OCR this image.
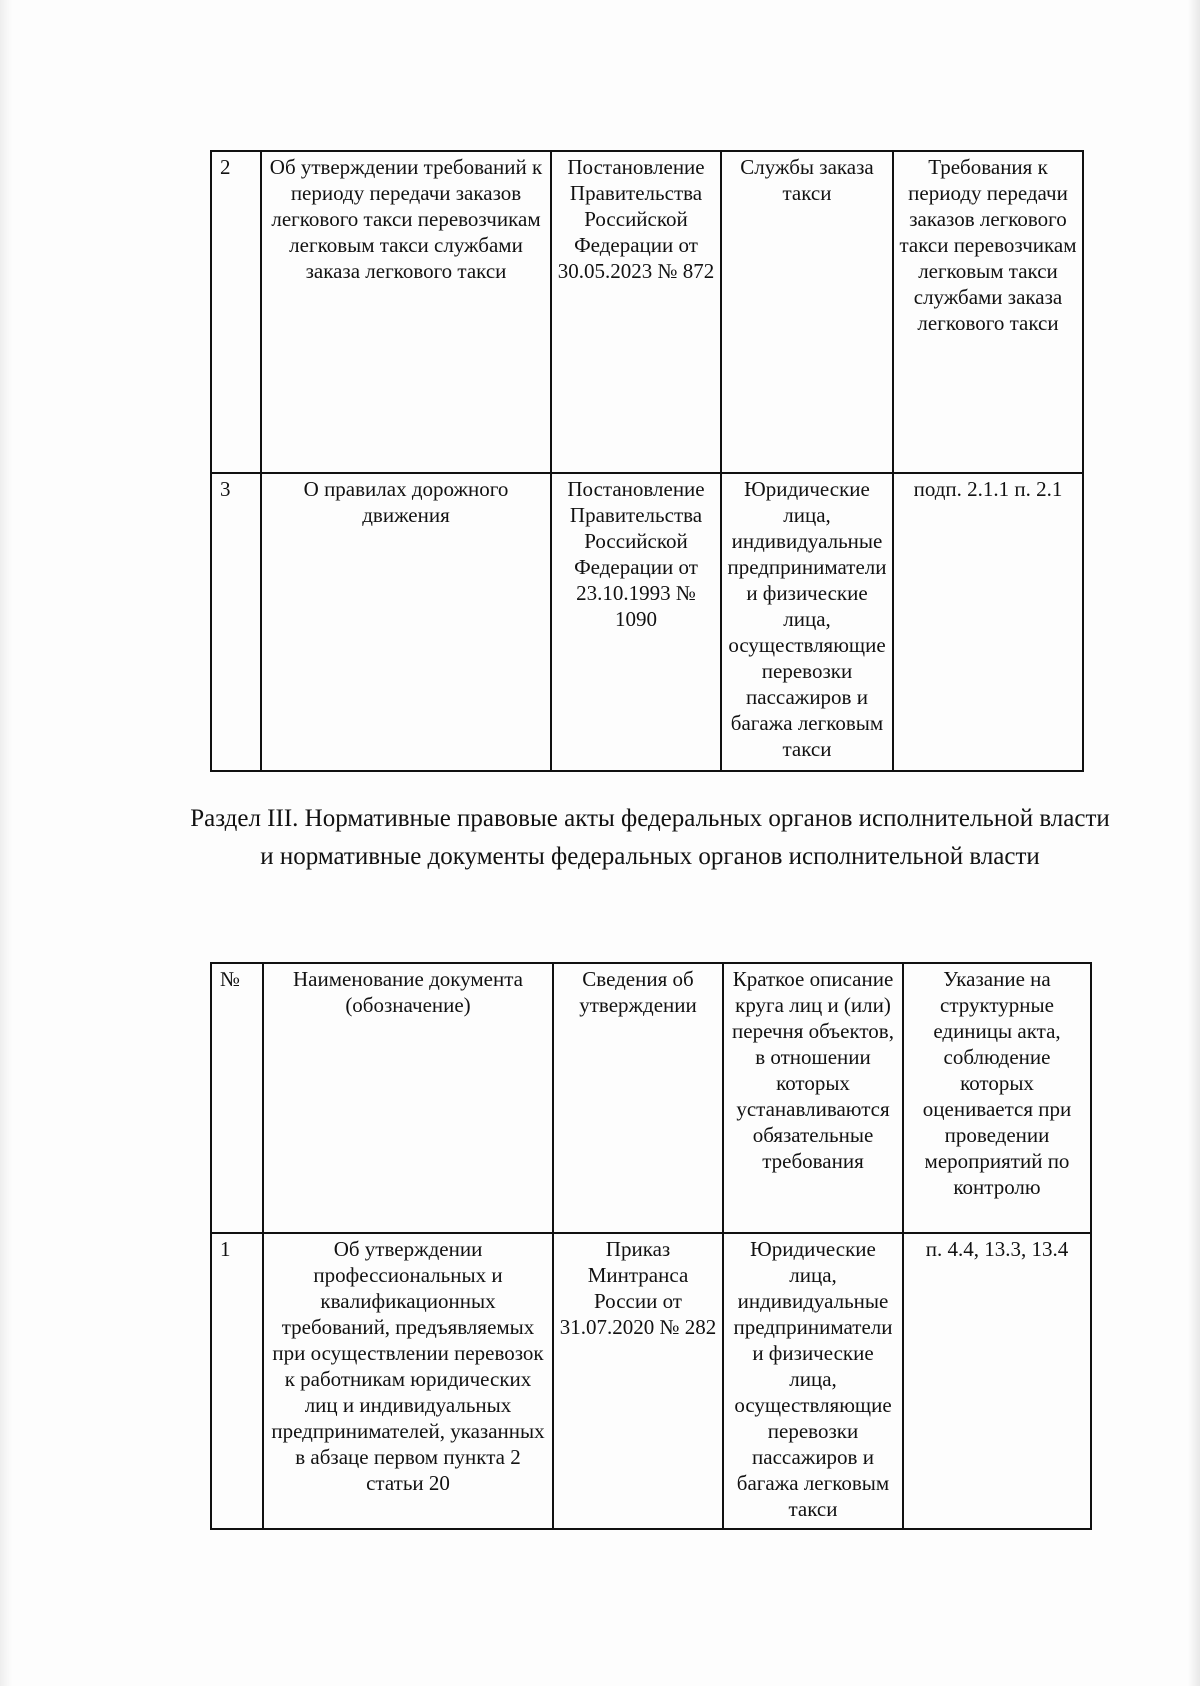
2	Об утверждении требований к периоду передачи заказов легкового такси перевозчикам легковым такси службами заказа легкового такси	Постановление Правительства Российской Федерации от 30.05.2023 № 872	Службы заказа такси	Требования к периоду передачи заказов легкового такси перевозчикам легковым такси службами заказа легкового такси
3	О правилах дорожного движения	Постановление Правительства Российской Федерации от 23.10.1993 № 1090	Юридические лица, индивидуальные предприниматели и физические лица, осуществляющие перевозки пассажиров и багажа легковым такси	подп. 2.1.1 п. 2.1
Раздел III. Нормативные правовые акты федеральных органов исполнительной власти и нормативные документы федеральных органов исполнительной власти
№	Наименование документа (обозначение)	Сведения об утверждении	Краткое описание круга лиц и (или) перечня объектов, в отношении которых устанавливаются обязательные требования	Указание на структурные единицы акта, соблюдение которых оценивается при проведении мероприятий по контролю
1	Об утверждении профессиональных и квалификационных требований, предъявляемых при осуществлении перевозок к работникам юридических лиц и индивидуальных предпринимателей, указанных в абзаце первом пункта 2 статьи 20	Приказ Минтранса России от 31.07.2020 № 282	Юридические лица, индивидуальные предприниматели и физические лица, осуществляющие перевозки пассажиров и багажа легковым такси	п. 4.4, 13.3, 13.4
